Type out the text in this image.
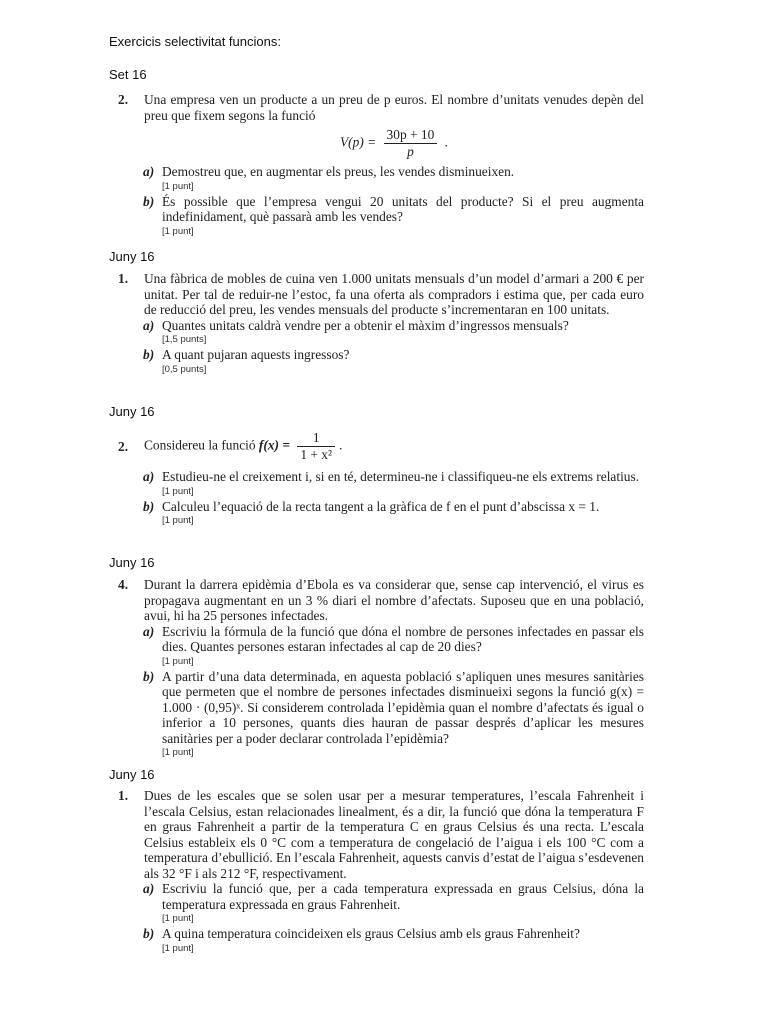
Exercicis selectivitat funcions:
Set 16
2. Una empresa ven un producte a un preu de p euros. El nombre d’unitats venudes depèn del preu que fixem segons la funció
$V(p) = \frac{30p + 10}{p}$ .
a) Demostreu que, en augmentar els preus, les vendes disminueixen.
[1 punt]
b) És possible que l’empresa vengui 20 unitats del producte? Si el preu augmenta indefinidament, què passarà amb les vendes?
[1 punt]
Juny 16
1. Una fàbrica de mobles de cuina ven 1.000 unitats mensuals d’un model d’armari a 200 € per unitat. Per tal de reduir-ne l’estoc, fa una oferta als compradors i estima que, per cada euro de reducció del preu, les vendes mensuals del producte s’incrementaran en 100 unitats.
a) Quantes unitats caldrà vendre per a obtenir el màxim d’ingressos mensuals?
[1,5 punts]
b) A quant pujaran aquests ingressos?
[0,5 punts]
Juny 16
2. Considereu la funció $f(x) = \frac{1}{\text{1 + x²}}$ .
a) Estudieu-ne el creixement i, si en té, determineu-ne i classifiqueu-ne els extrems relatius.
[1 punt]
b) Calculeu l’equació de la recta tangent a la gràfica de f en el punt d’abscissa x = 1.
[1 punt]
Juny 16
4. Durant la darrera epidèmia d’Ebola es va considerar que, sense cap intervenció, el virus es propagava augmentant en un 3 % diari el nombre d’afectats. Suposeu que en una població, avui, hi ha 25 persones infectades.
a) Escriviu la fórmula de la funció que dóna el nombre de persones infectades en passar els dies. Quantes persones estaran infectades al cap de 20 dies?
[1 punt]
b) A partir d’una data determinada, en aquesta població s’apliquen unes mesures sanitàries que permeten que el nombre de persones infectades disminueixi segons la funció g(x) = 1.000 · (0,95)ˣ. Si considerem controlada l’epidèmia quan el nombre d’afectats és igual o inferior a 10 persones, quants dies hauran de passar després d’aplicar les mesures sanitàries per a poder declarar controlada l’epidèmia?
[1 punt]
Juny 16
1. Dues de les escales que se solen usar per a mesurar temperatures, l’escala Fahrenheit i l’escala Celsius, estan relacionades linealment, és a dir, la funció que dóna la temperatura F en graus Fahrenheit a partir de la temperatura C en graus Celsius és una recta. L’escala Celsius estableix els 0 °C com a temperatura de congelació de l’aigua i els 100 °C com a temperatura d’ebullició. En l’escala Fahrenheit, aquests canvis d’estat de l’aigua s’esdevenen als 32 °F i als 212 °F, respectivament.
a) Escriviu la funció que, per a cada temperatura expressada en graus Celsius, dóna la temperatura expressada en graus Fahrenheit.
[1 punt]
b) A quina temperatura coincideixen els graus Celsius amb els graus Fahrenheit?
[1 punt]
